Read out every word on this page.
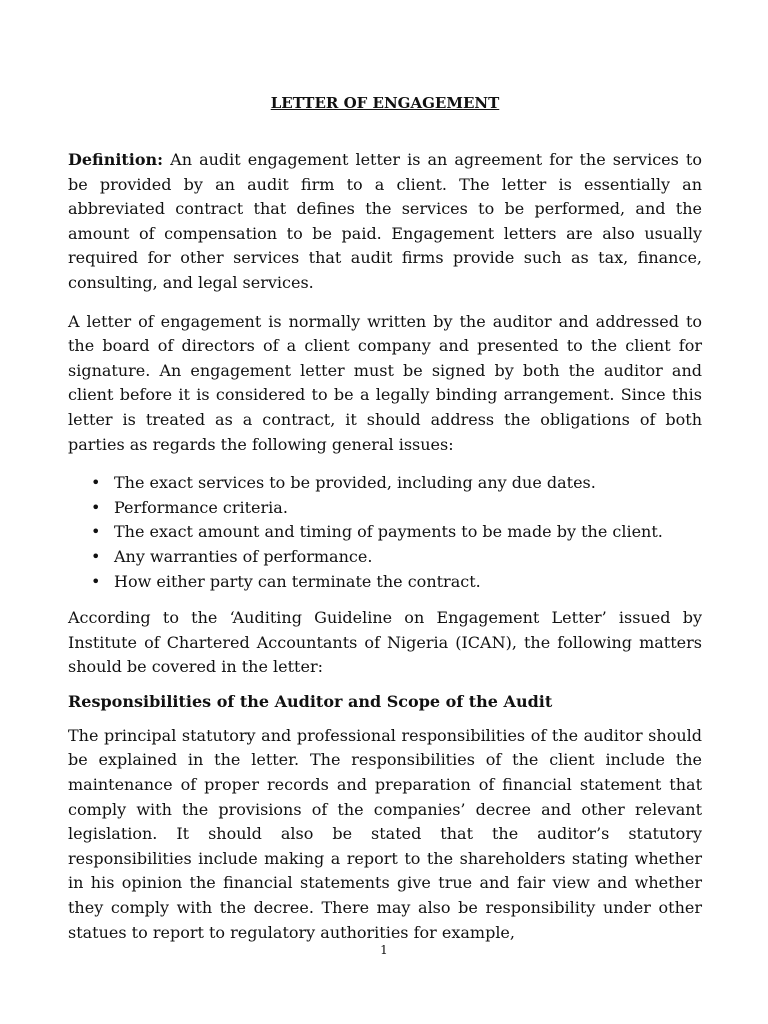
LETTER OF ENGAGEMENT

Definition: An audit engagement letter is an agreement for the services to be provided by an audit firm to a client. The letter is essentially an abbreviated contract that defines the services to be performed, and the amount of compensation to be paid. Engagement letters are also usually required for other services that audit firms provide such as tax, finance, consulting, and legal services.

A letter of engagement is normally written by the auditor and addressed to the board of directors of a client company and presented to the client for signature. An engagement letter must be signed by both the auditor and client before it is considered to be a legally binding arrangement. Since this letter is treated as a contract, it should address the obligations of both parties as regards the following general issues:

• The exact services to be provided, including any due dates.
• Performance criteria.
• The exact amount and timing of payments to be made by the client.
• Any warranties of performance.
• How either party can terminate the contract.

According to the ‘Auditing Guideline on Engagement Letter’ issued by Institute of Chartered Accountants of Nigeria (ICAN), the following matters should be covered in the letter:

Responsibilities of the Auditor and Scope of the Audit

The principal statutory and professional responsibilities of the auditor should be explained in the letter. The responsibilities of the client include the maintenance of proper records and preparation of financial statement that comply with the provisions of the companies’ decree and other relevant legislation. It should also be stated that the auditor’s statutory responsibilities include making a report to the shareholders stating whether in his opinion the financial statements give true and fair view and whether they comply with the decree. There may also be responsibility under other statues to report to regulatory authorities for example,

1
